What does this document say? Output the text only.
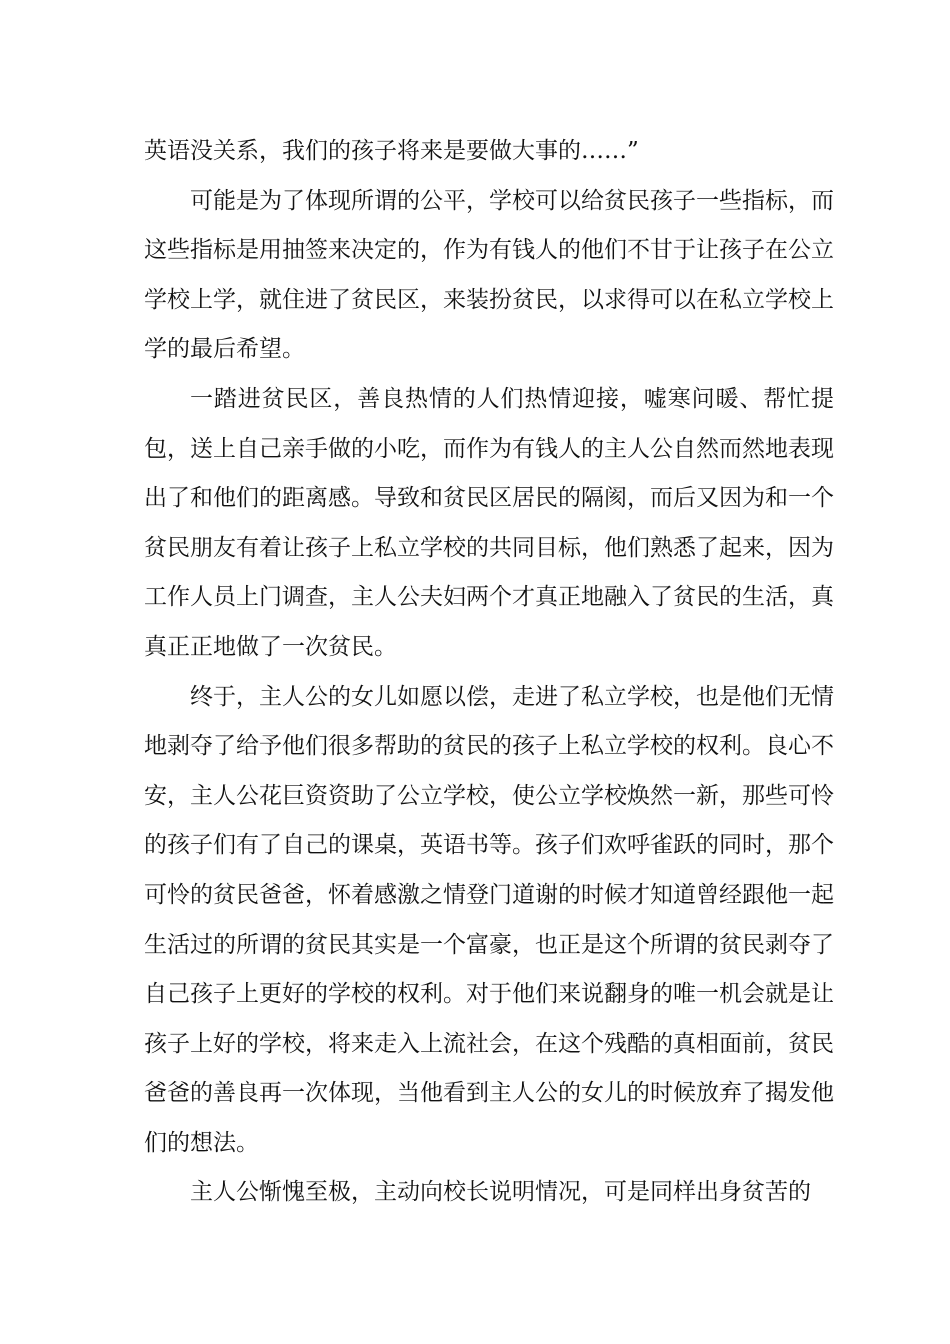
英语没关系，我们的孩子将来是要做大事的……”

可能是为了体现所谓的公平，学校可以给贫民孩子一些指标，而这些指标是用抽签来决定的，作为有钱人的他们不甘于让孩子在公立学校上学，就住进了贫民区，来装扮贫民，以求得可以在私立学校上学的最后希望。

一踏进贫民区，善良热情的人们热情迎接，嘘寒问暖、帮忙提包，送上自己亲手做的小吃，而作为有钱人的主人公自然而然地表现出了和他们的距离感。导致和贫民区居民的隔阂，而后又因为和一个贫民朋友有着让孩子上私立学校的共同目标，他们熟悉了起来，因为工作人员上门调查，主人公夫妇两个才真正地融入了贫民的生活，真真正正地做了一次贫民。

终于，主人公的女儿如愿以偿，走进了私立学校，也是他们无情地剥夺了给予他们很多帮助的贫民的孩子上私立学校的权利。良心不安，主人公花巨资资助了公立学校，使公立学校焕然一新，那些可怜的孩子们有了自己的课桌，英语书等。孩子们欢呼雀跃的同时，那个可怜的贫民爸爸，怀着感激之情登门道谢的时候才知道曾经跟他一起生活过的所谓的贫民其实是一个富豪，也正是这个所谓的贫民剥夺了自己孩子上更好的学校的权利。对于他们来说翻身的唯一机会就是让孩子上好的学校，将来走入上流社会，在这个残酷的真相面前，贫民爸爸的善良再一次体现，当他看到主人公的女儿的时候放弃了揭发他们的想法。

主人公惭愧至极，主动向校长说明情况，可是同样出身贫苦的
